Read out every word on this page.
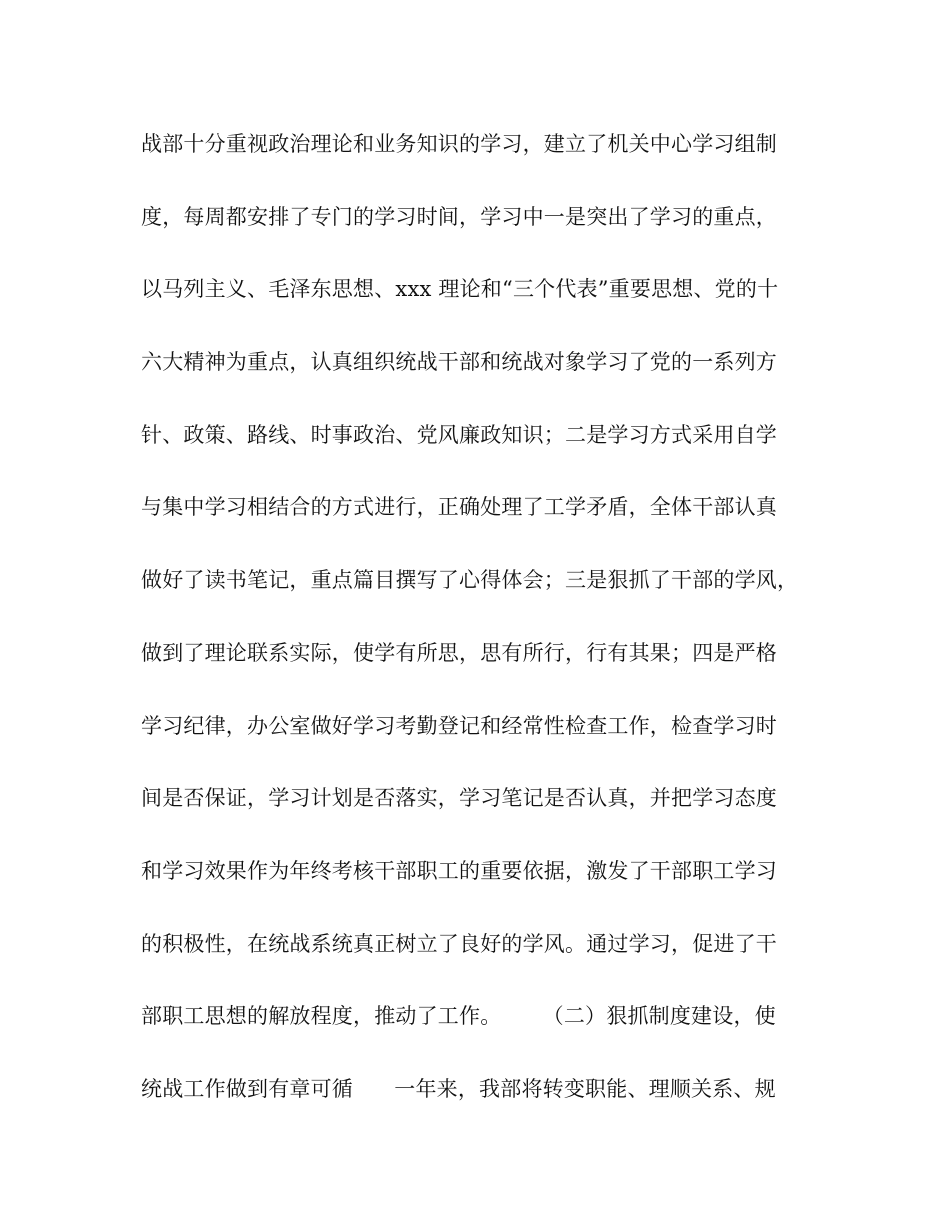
战部十分重视政治理论和业务知识的学习，建立了机关中心学习组制
度，每周都安排了专门的学习时间，学习中一是突出了学习的重点，
以马列主义、毛泽东思想、xxx 理论和“三个代表”重要思想、党的十
六大精神为重点，认真组织统战干部和统战对象学习了党的一系列方
针、政策、路线、时事政治、党风廉政知识；二是学习方式采用自学
与集中学习相结合的方式进行，正确处理了工学矛盾，全体干部认真
做好了读书笔记，重点篇目撰写了心得体会；三是狠抓了干部的学风，
做到了理论联系实际，使学有所思，思有所行，行有其果；四是严格
学习纪律，办公室做好学习考勤登记和经常性检查工作，检查学习时
间是否保证，学习计划是否落实，学习笔记是否认真，并把学习态度
和学习效果作为年终考核干部职工的重要依据，激发了干部职工学习
的积极性，在统战系统真正树立了良好的学风。通过学习，促进了干
部职工思想的解放程度，推动了工作。      （二）狠抓制度建设，使
统战工作做到有章可循      一年来，我部将转变职能、理顺关系、规
